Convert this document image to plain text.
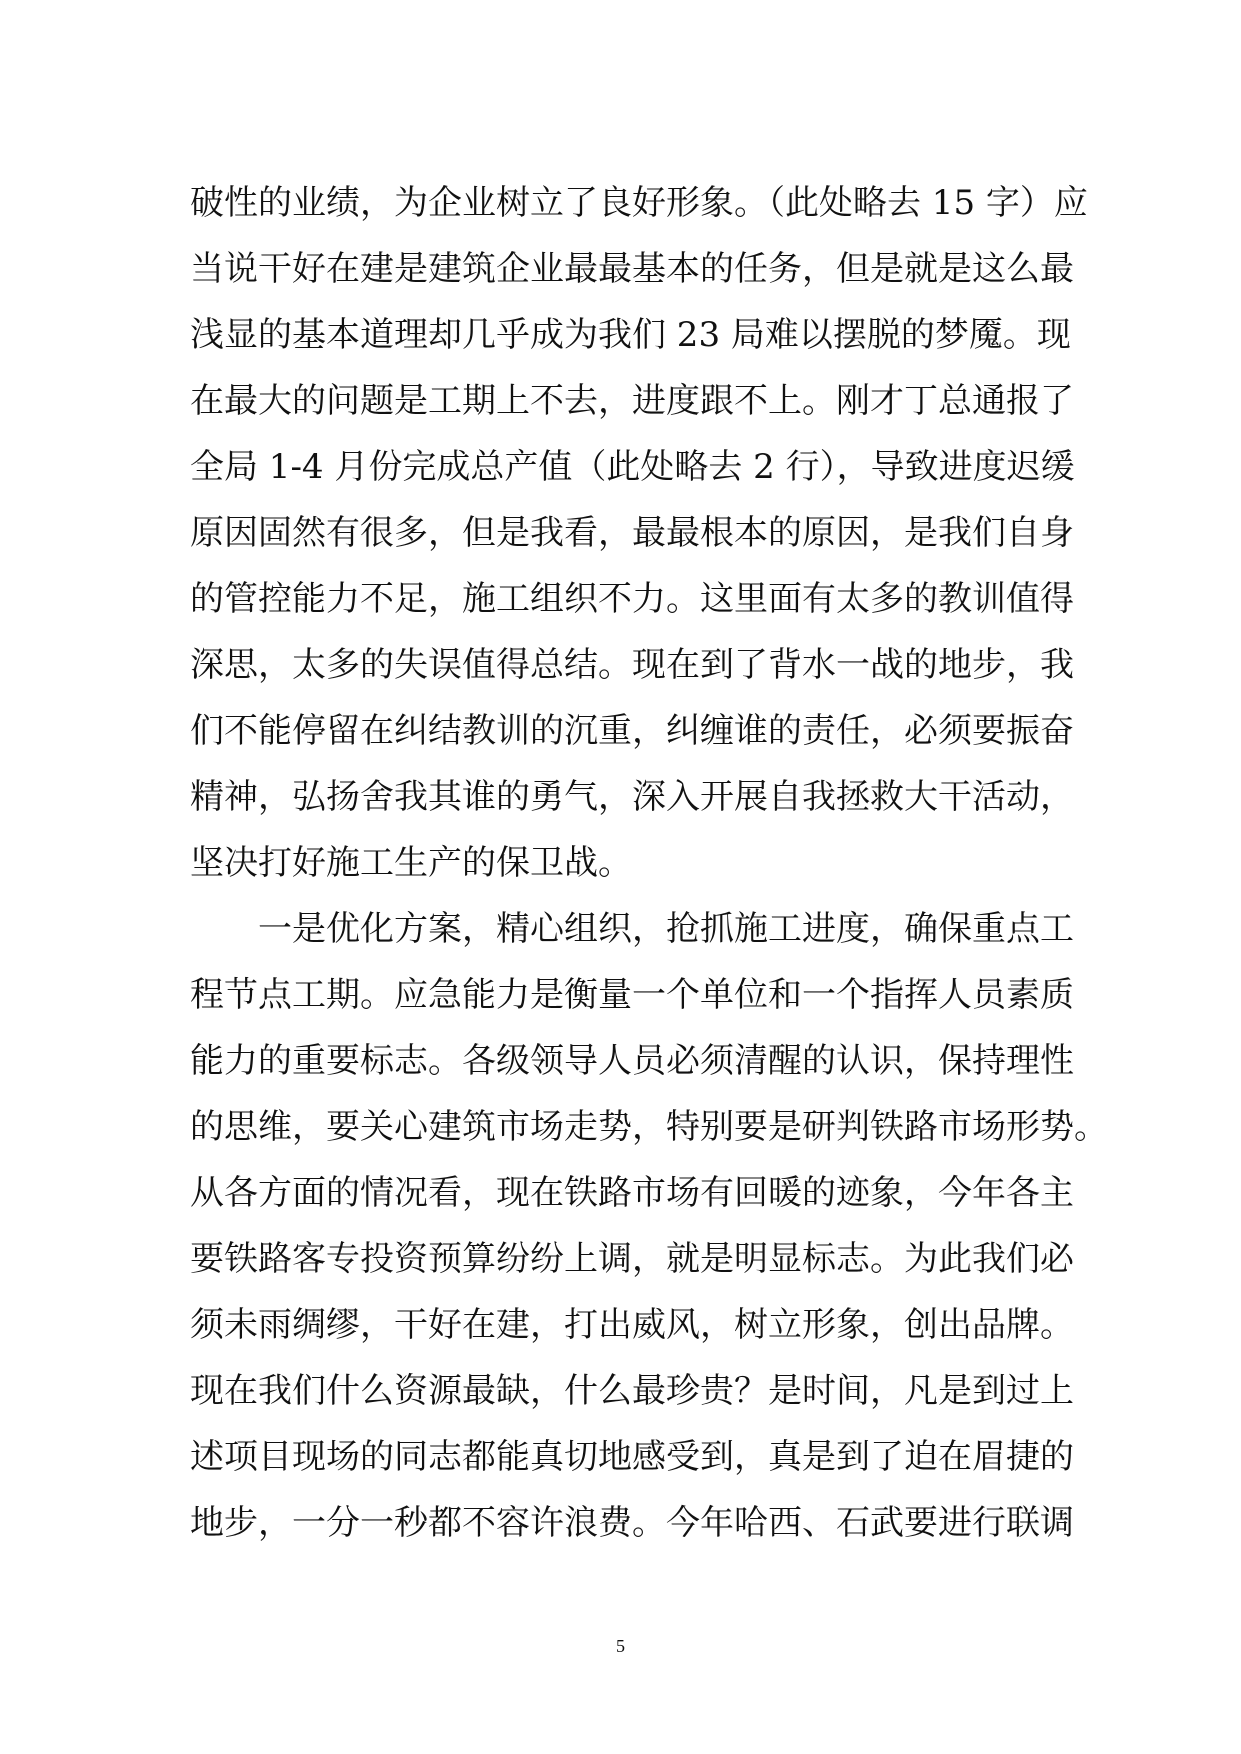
破性的业绩，为企业树立了良好形象。（此处略去 15 字）应
当说干好在建是建筑企业最最基本的任务，但是就是这么最
浅显的基本道理却几乎成为我们 23 局难以摆脱的梦魇。现
在最大的问题是工期上不去，进度跟不上。刚才丁总通报了
全局 1-4 月份完成总产值（此处略去 2 行），导致进度迟缓
原因固然有很多，但是我看，最最根本的原因，是我们自身
的管控能力不足，施工组织不力。这里面有太多的教训值得
深思，太多的失误值得总结。现在到了背水一战的地步，我
们不能停留在纠结教训的沉重，纠缠谁的责任，必须要振奋
精神，弘扬舍我其谁的勇气，深入开展自我拯救大干活动，
坚决打好施工生产的保卫战。
一是优化方案，精心组织，抢抓施工进度，确保重点工
程节点工期。应急能力是衡量一个单位和一个指挥人员素质
能力的重要标志。各级领导人员必须清醒的认识，保持理性
的思维，要关心建筑市场走势，特别要是研判铁路市场形势。
从各方面的情况看，现在铁路市场有回暖的迹象，今年各主
要铁路客专投资预算纷纷上调，就是明显标志。为此我们必
须未雨绸缪，干好在建，打出威风，树立形象，创出品牌。
现在我们什么资源最缺，什么最珍贵？是时间，凡是到过上
述项目现场的同志都能真切地感受到，真是到了迫在眉捷的
地步，一分一秒都不容许浪费。今年哈西、石武要进行联调
5
